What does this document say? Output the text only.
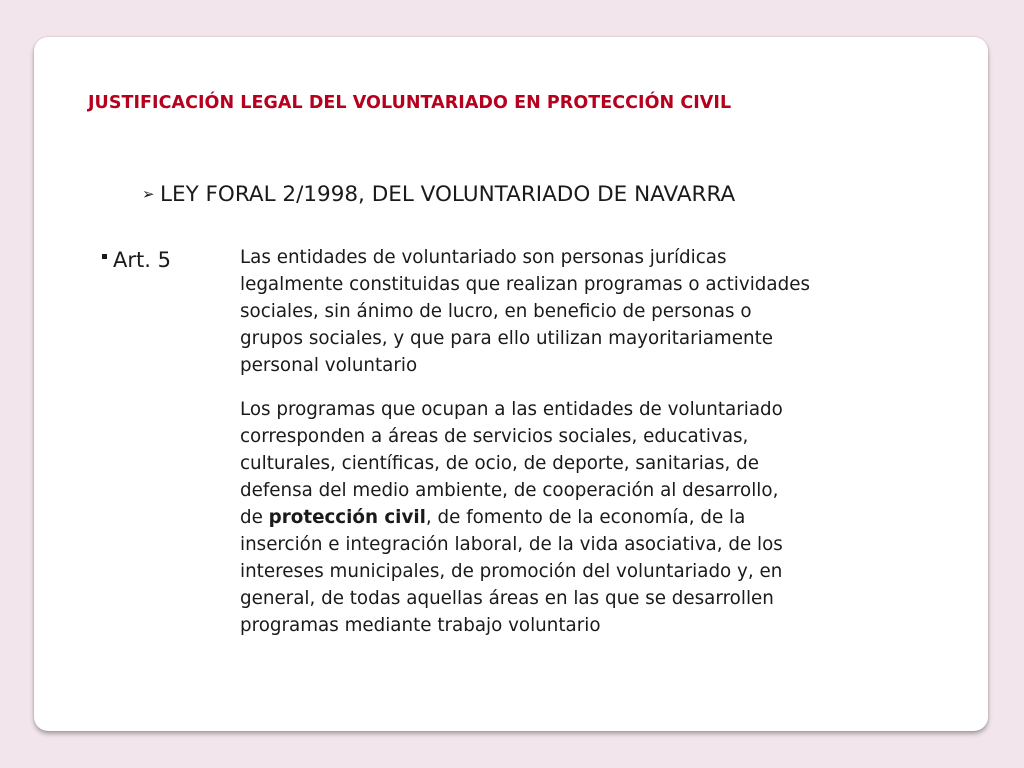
JUSTIFICACIÓN LEGAL DEL VOLUNTARIADO EN PROTECCIÓN CIVIL
➢ LEY FORAL 2/1998, DEL VOLUNTARIADO DE NAVARRA
Art. 5	Las entidades de voluntariado son personas jurídicas
legalmente constituidas que realizan programas o actividades
sociales, sin ánimo de lucro, en beneficio de personas o
grupos sociales, y que para ello utilizan mayoritariamente
personal voluntario

Los programas que ocupan a las entidades de voluntariado
corresponden a áreas de servicios sociales, educativas,
culturales, científicas, de ocio, de deporte, sanitarias, de
defensa del medio ambiente, de cooperación al desarrollo,
de protección civil, de fomento de la economía, de la
inserción e integración laboral, de la vida asociativa, de los
intereses municipales, de promoción del voluntariado y, en
general, de todas aquellas áreas en las que se desarrollen
programas mediante trabajo voluntario
